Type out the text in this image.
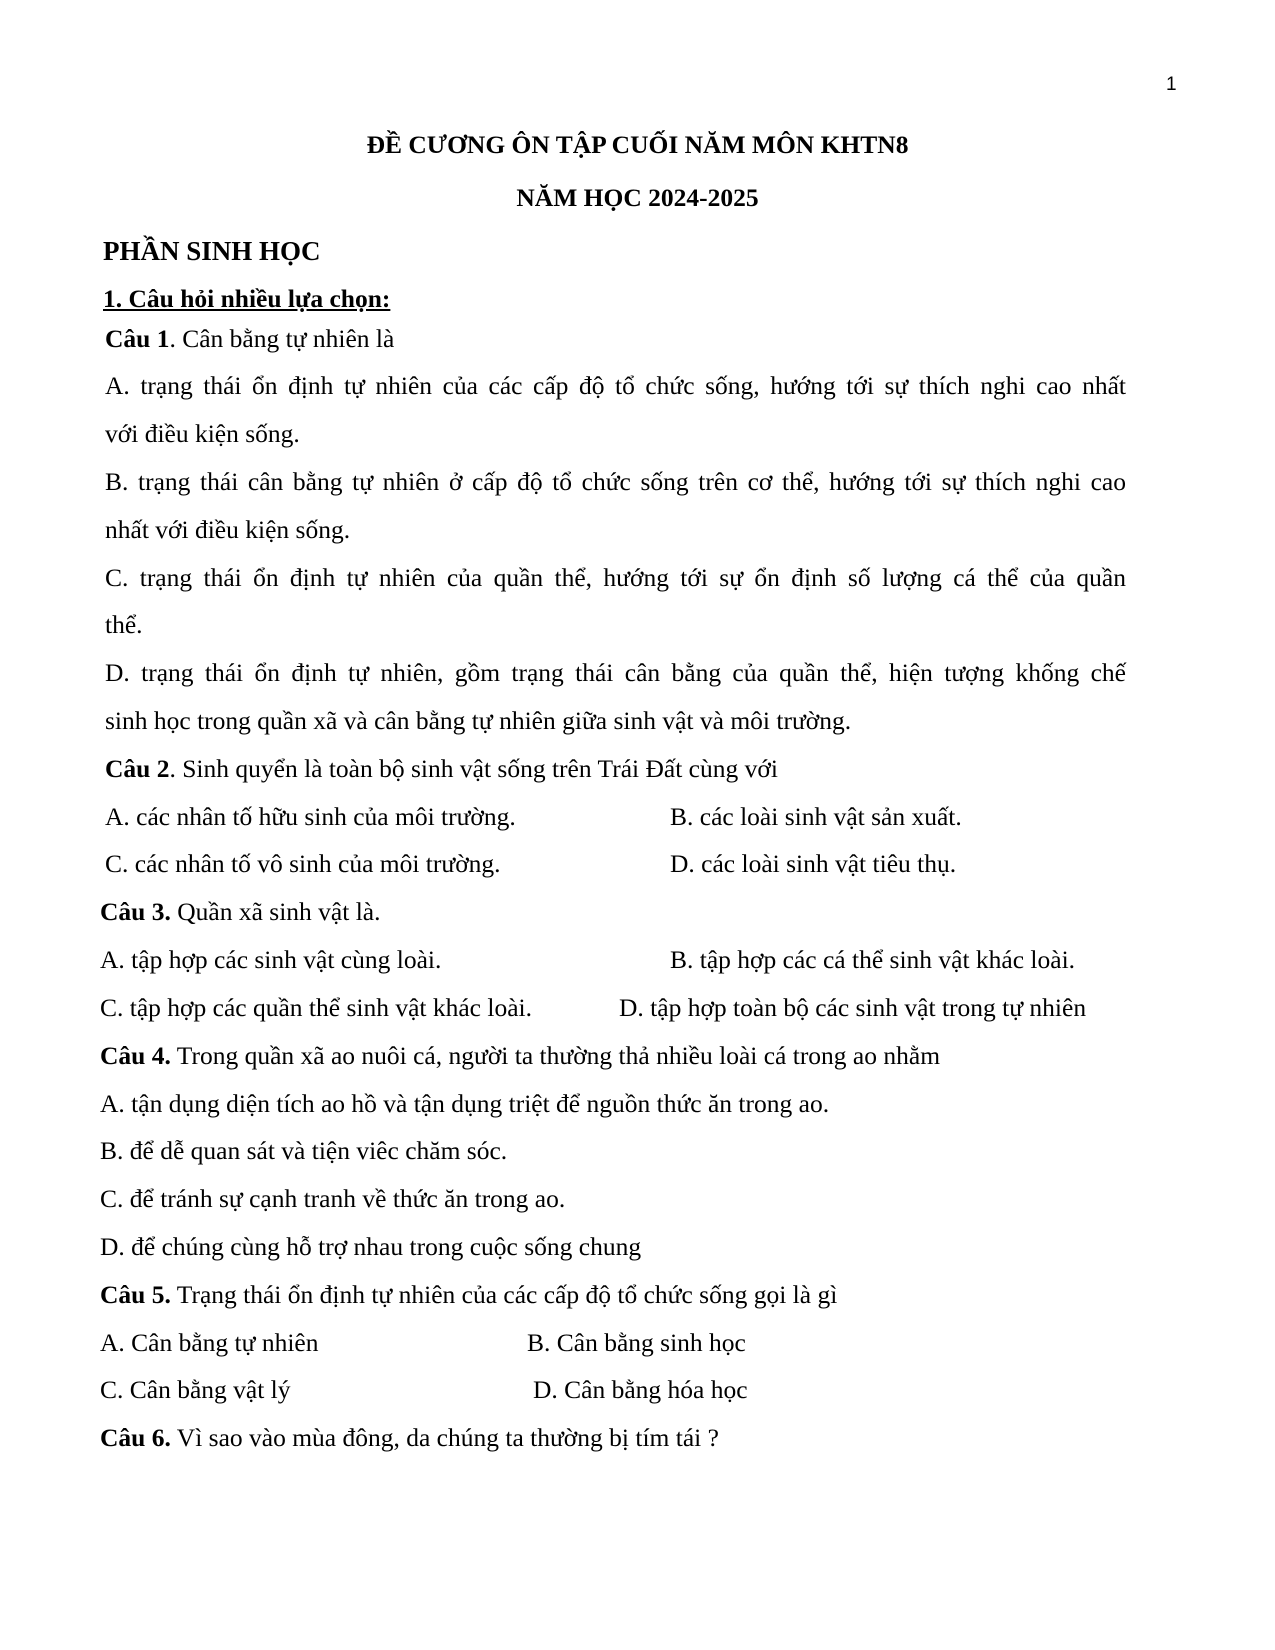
1
ĐỀ CƯƠNG ÔN TẬP CUỐI NĂM MÔN KHTN8
NĂM HỌC 2024-2025
PHẦN SINH HỌC
1. Câu hỏi nhiều lựa chọn:
Câu 1. Cân bằng tự nhiên là
A. trạng thái ổn định tự nhiên của các cấp độ tổ chức sống, hướng tới sự thích nghi cao nhất
với điều kiện sống.
B. trạng thái cân bằng tự nhiên ở cấp độ tổ chức sống trên cơ thể, hướng tới sự thích nghi cao
nhất với điều kiện sống.
C. trạng thái ổn định tự nhiên của quần thể, hướng tới sự ổn định số lượng cá thể của quần
thể.
D. trạng thái ổn định tự nhiên, gồm trạng thái cân bằng của quần thể, hiện tượng khống chế
sinh học trong quần xã và cân bằng tự nhiên giữa sinh vật và môi trường.
Câu 2. Sinh quyển là toàn bộ sinh vật sống trên Trái Đất cùng với
A. các nhân tố hữu sinh của môi trường.	B. các loài sinh vật sản xuất.
C. các nhân tố vô sinh của môi trường.	D. các loài sinh vật tiêu thụ.
Câu 3. Quần xã sinh vật là.
A. tập hợp các sinh vật cùng loài.	B. tập hợp các cá thể sinh vật khác loài.
C. tập hợp các quần thể sinh vật khác loài.	D. tập hợp toàn bộ các sinh vật trong tự nhiên
Câu 4. Trong quần xã ao nuôi cá, người ta thường thả nhiều loài cá trong ao nhằm
A. tận dụng diện tích ao hồ và tận dụng triệt để nguồn thức ăn trong ao.
B. để dễ quan sát và tiện viêc chăm sóc.
C. để tránh sự cạnh tranh về thức ăn trong ao.
D. để chúng cùng hỗ trợ nhau trong cuộc sống chung
Câu 5. Trạng thái ổn định tự nhiên của các cấp độ tổ chức sống gọi là gì
A. Cân bằng tự nhiên	B. Cân bằng sinh học
C. Cân bằng vật lý	D. Cân bằng hóa học
Câu 6. Vì sao vào mùa đông, da chúng ta thường bị tím tái ?
